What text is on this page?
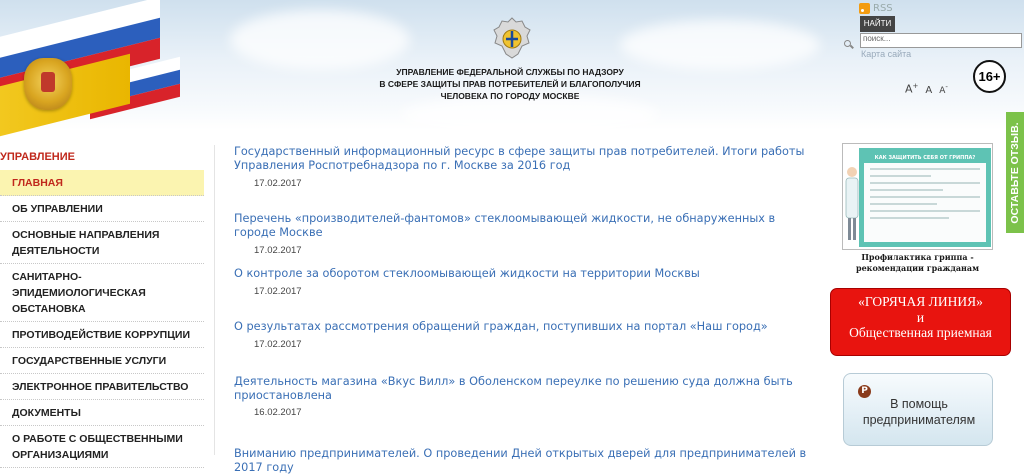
УПРАВЛЕНИЕ ФЕДЕРАЛЬНОЙ СЛУЖБЫ ПО НАДЗОРУ
В СФЕРЕ ЗАЩИТЫ ПРАВ ПОТРЕБИТЕЛЕЙ И БЛАГОПОЛУЧИЯ
ЧЕЛОВЕКА ПО ГОРОДУ МОСКВЕ
RSS
НАЙТИ
поиск...
Карта сайта
A+ A A-
16+
УПРАВЛЕНИЕ
ГЛАВНАЯ
ОБ УПРАВЛЕНИИ
ОСНОВНЫЕ НАПРАВЛЕНИЯ ДЕЯТЕЛЬНОСТИ
САНИТАРНО-ЭПИДЕМИОЛОГИЧЕСКАЯ ОБСТАНОВКА
ПРОТИВОДЕЙСТВИЕ КОРРУПЦИИ
ГОСУДАРСТВЕННЫЕ УСЛУГИ
ЭЛЕКТРОННОЕ ПРАВИТЕЛЬСТВО
ДОКУМЕНТЫ
О РАБОТЕ С ОБЩЕСТВЕННЫМИ ОРГАНИЗАЦИЯМИ
Государственный информационный ресурс в сфере защиты прав потребителей. Итоги работы Управления Роспотребнадзора по г. Москве за 2016 год
17.02.2017
Перечень «производителей-фантомов» стеклоомывающей жидкости, не обнаруженных в городе Москве
17.02.2017
О контроле за оборотом стеклоомывающей жидкости на территории Москвы
17.02.2017
О результатах рассмотрения обращений граждан, поступивших на портал «Наш город»
17.02.2017
Деятельность магазина «Вкус Вилл» в Оболенском переулке по решению суда должна быть приостановлена
16.02.2017
Вниманию предпринимателей. О проведении Дней открытых дверей для предпринимателей в 2017 году
КАК ЗАЩИТИТЬ СЕБЯ ОТ ГРИППА?
Профилактика гриппа -
рекомендации гражданам
«ГОРЯЧАЯ ЛИНИЯ»
и
Общественная приемная
Р
В помощь
предпринимателям
ОСТАВЬТЕ ОТЗЫВ.
